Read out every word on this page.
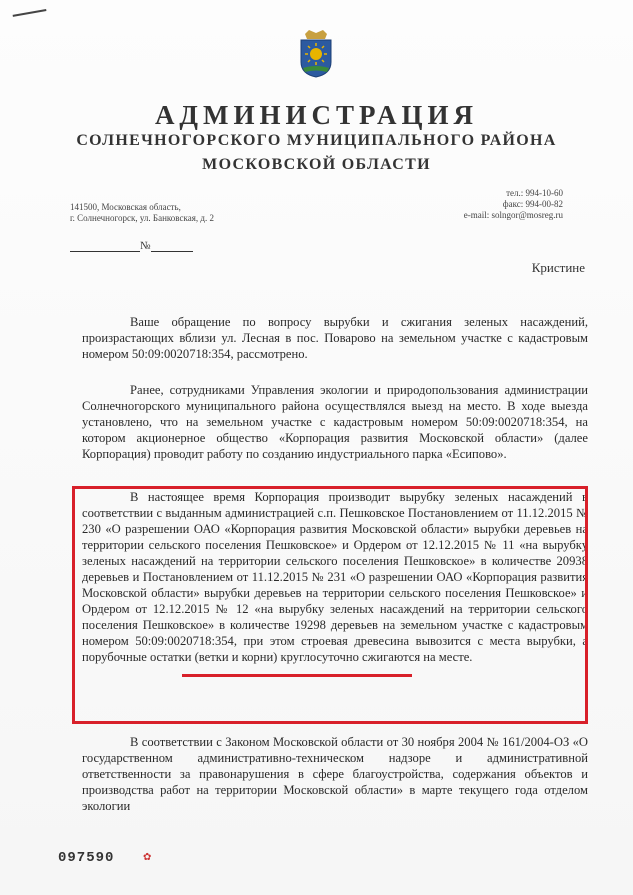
АДМИНИСТРАЦИЯ
СОЛНЕЧНОГОРСКОГО МУНИЦИПАЛЬНОГО РАЙОНА
МОСКОВСКОЙ ОБЛАСТИ
141500, Московская область,
г. Солнечногорск, ул. Банковская, д. 2
тел.: 994-10-60
факс: 994-00-82
e-mail: solngor@mosreg.ru
№
Кристине

Ваше обращение по вопросу вырубки и сжигания зеленых насаждений, произрастающих вблизи ул. Лесная в пос. Поварово на земельном участке с кадастровым номером 50:09:0020718:354, рассмотрено.

Ранее, сотрудниками Управления экологии и природопользования администрации Солнечногорского муниципального района осуществлялся выезд на место. В ходе выезда установлено, что на земельном участке с кадастровым номером 50:09:0020718:354, на котором акционерное общество «Корпорация развития Московской области» (далее Корпорация) проводит работу по созданию индустриального парка «Есипово».

В настоящее время Корпорация производит вырубку зеленых насаждений в соответствии с выданным администрацией с.п. Пешковское Постановлением от 11.12.2015 № 230 «О разрешении ОАО «Корпорация развития Московской области» вырубки деревьев на территории сельского поселения Пешковское» и Ордером от 12.12.2015 № 11 «на вырубку зеленых насаждений на территории сельского поселения Пешковское» в количестве 20938 деревьев и Постановлением от 11.12.2015 № 231 «О разрешении ОАО «Корпорация развития Московской области» вырубки деревьев на территории сельского поселения Пешковское» и Ордером от 12.12.2015 № 12 «на вырубку зеленых насаждений на территории сельского поселения Пешковское» в количестве 19298 деревьев на земельном участке с кадастровым номером 50:09:0020718:354, при этом строевая древесина вывозится с места вырубки, а порубочные остатки (ветки и корни) круглосуточно сжигаются на месте.

В соответствии с Законом Московской области от 30 ноября 2004 № 161/2004-ОЗ «О государственном административно-техническом надзоре и административной ответственности за правонарушения в сфере благоустройства, содержания объектов и производства работ на территории Московской области» в марте текущего года отделом экологии

097590	✿
